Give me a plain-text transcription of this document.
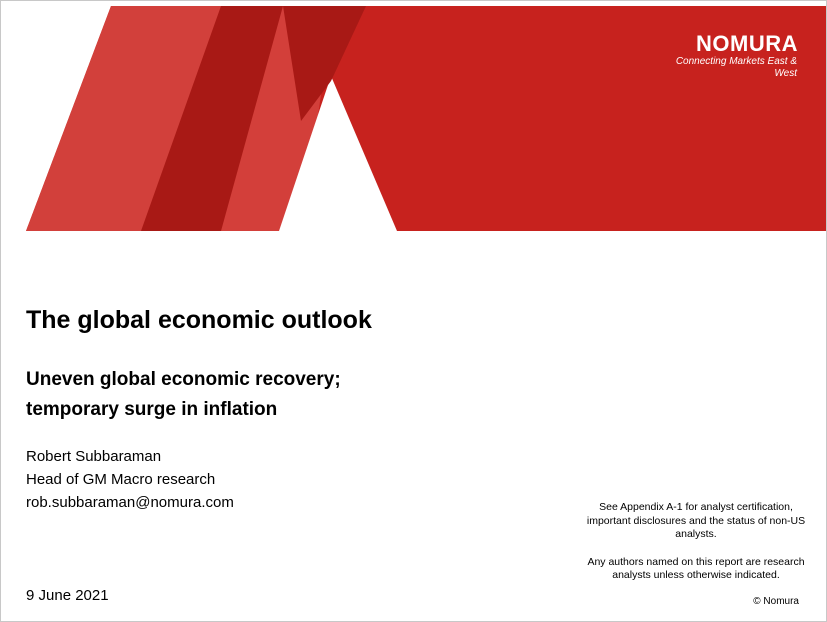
NOMURA
Connecting Markets East & West
The global economic outlook
Uneven global economic recovery;
temporary surge in inflation
Robert Subbaraman
Head of GM Macro research
rob.subbaraman@nomura.com
9 June 2021

See Appendix A-1 for analyst certification, important disclosures and the status of non-US analysts.

Any authors named on this report are research analysts unless otherwise indicated.

© Nomura
